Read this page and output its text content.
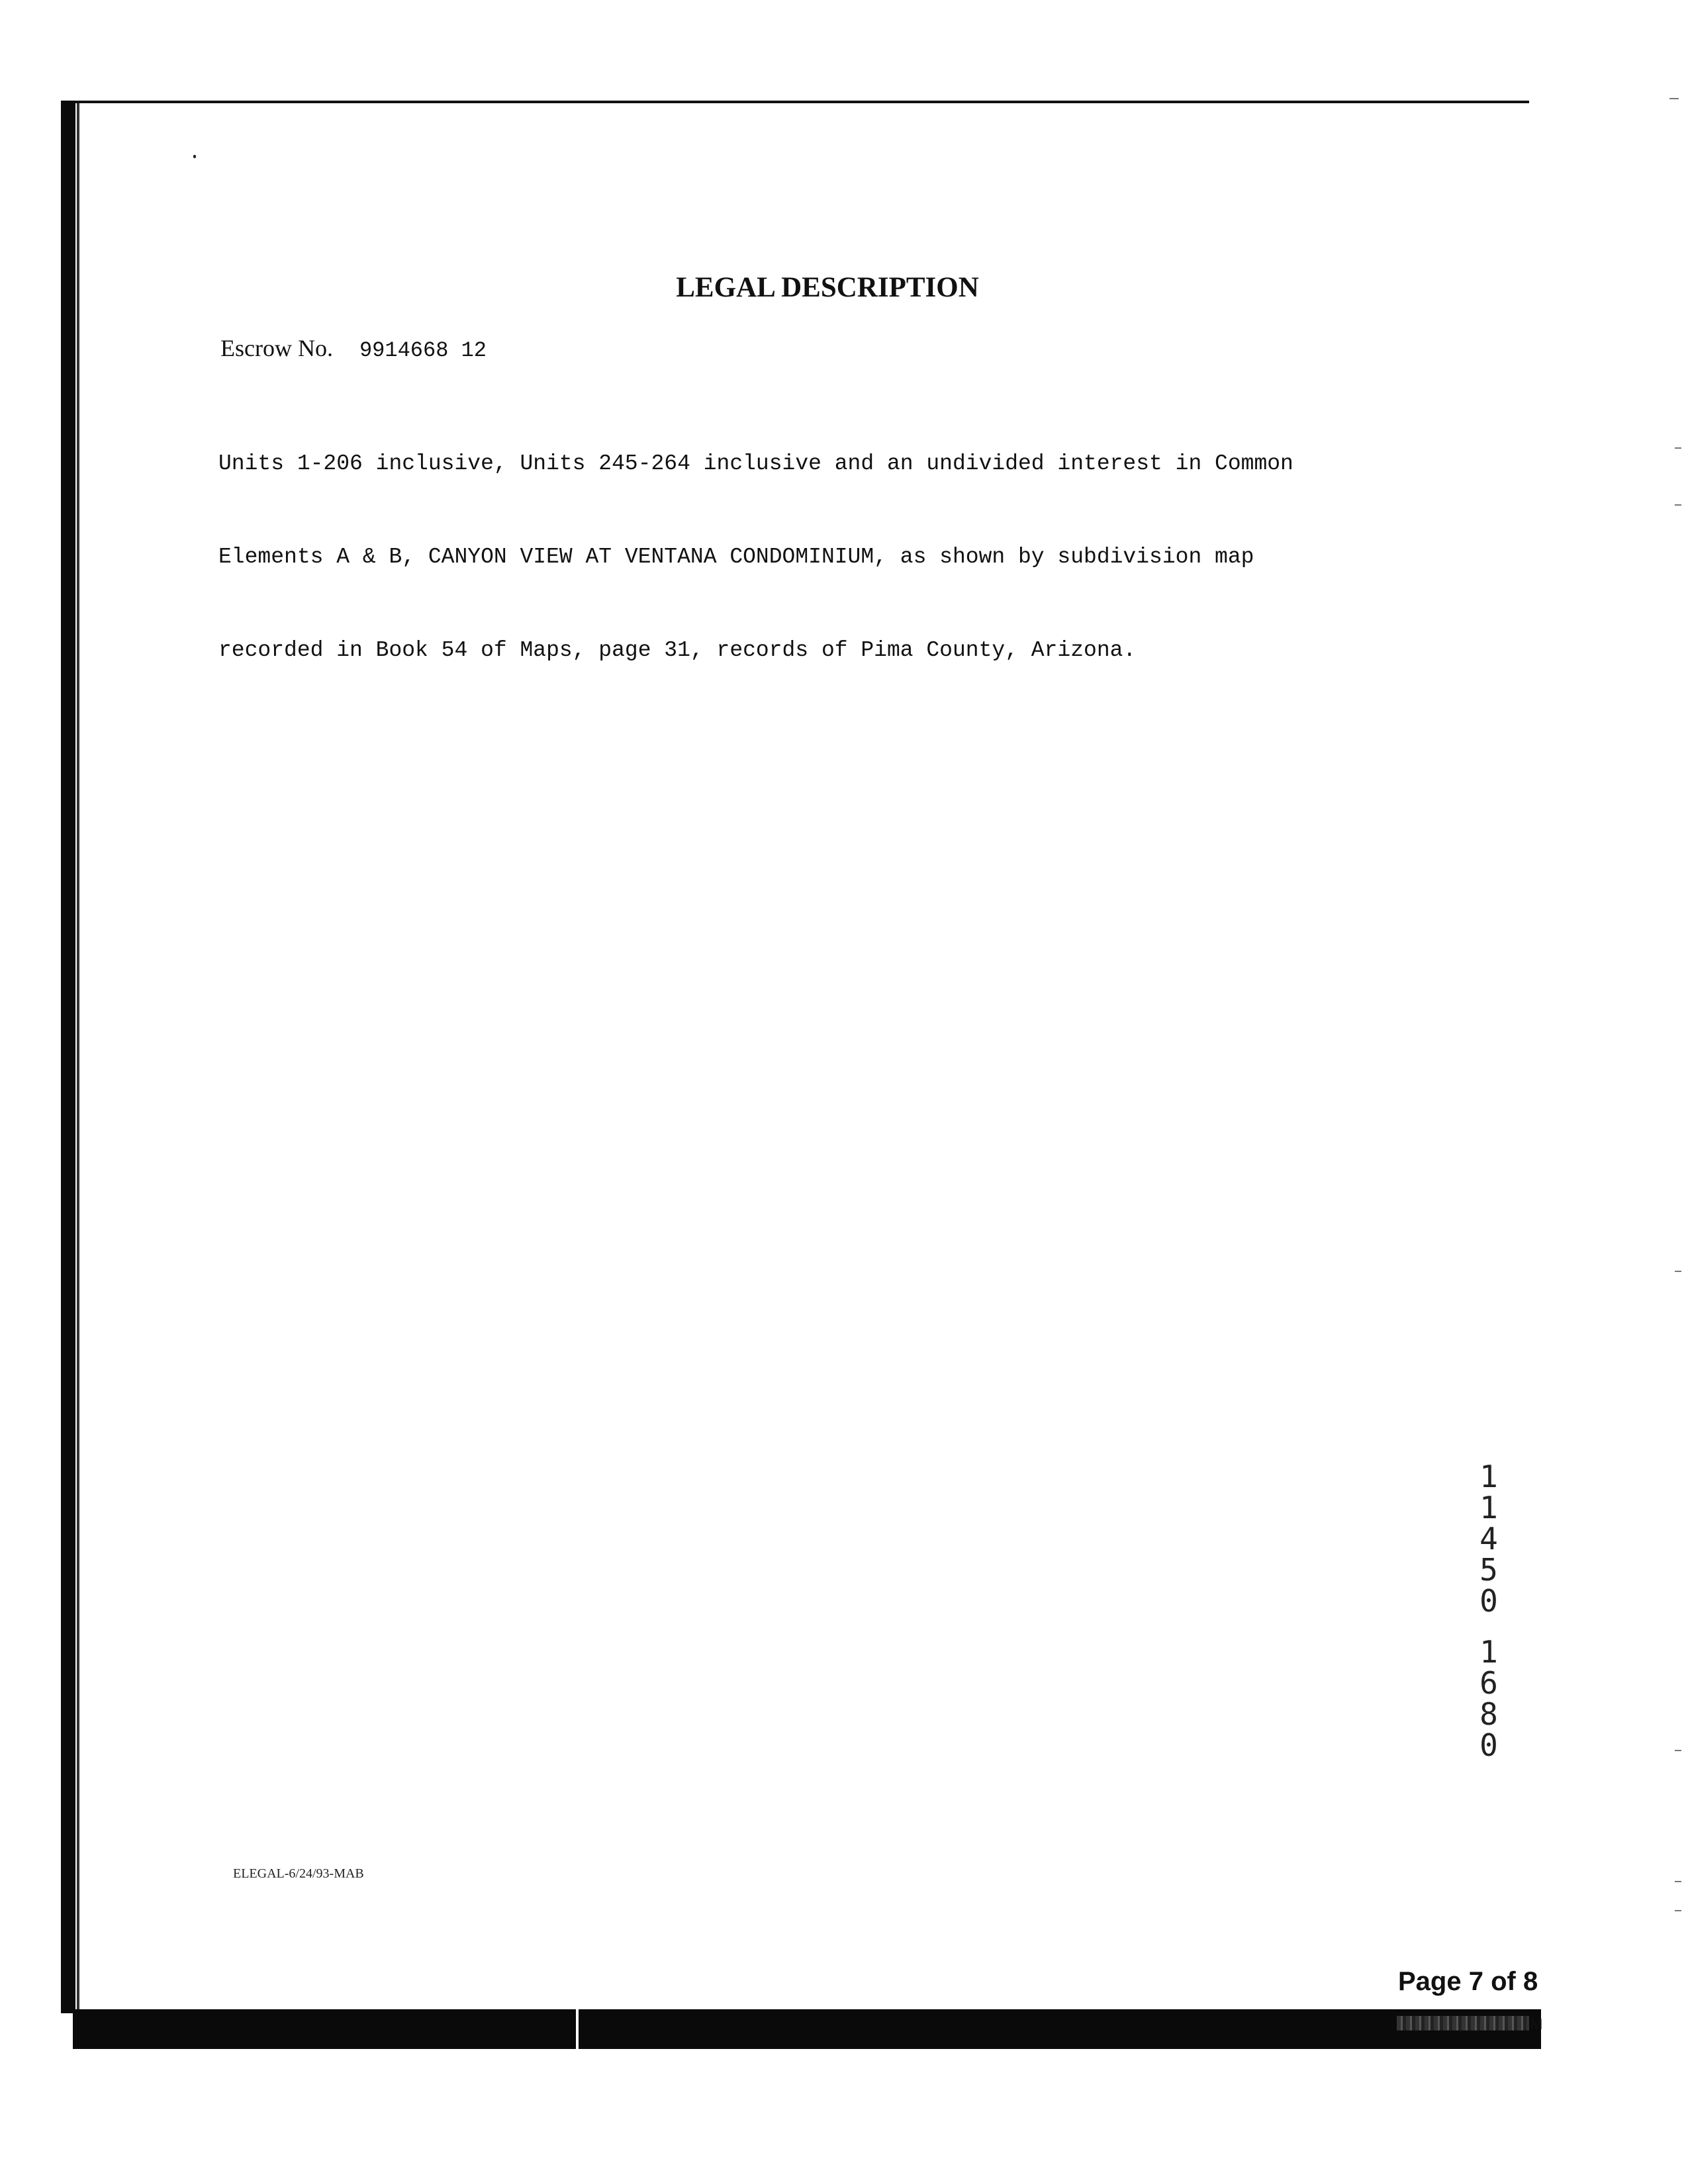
LEGAL DESCRIPTION
Escrow No. 9914668 12

Units 1-206 inclusive, Units 245-264 inclusive and an undivided interest in Common

Elements A & B, CANYON VIEW AT VENTANA CONDOMINIUM, as shown by subdivision map

recorded in Book 54 of Maps, page 31, records of Pima County, Arizona.

1
1
4
5
0
1
6
8
0
ELEGAL-6/24/93-MAB
Page 7 of 8
M
